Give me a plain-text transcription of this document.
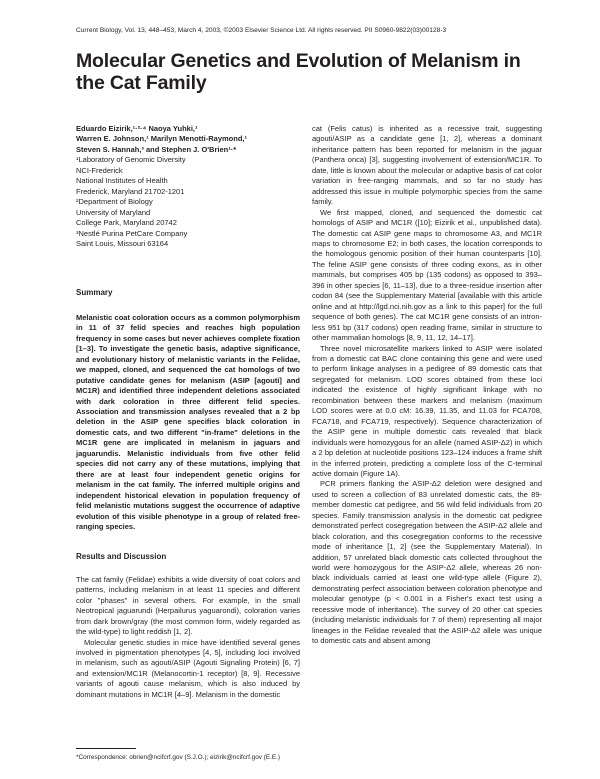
Current Biology, Vol. 13, 448–453, March 4, 2003, ©2003 Elsevier Science Ltd. All rights reserved. PII S0960-9822(03)00128-3
Molecular Genetics and Evolution of Melanism in the Cat Family
Eduardo Eizirik,¹·²·⁴ Naoya Yuhki,¹
Warren E. Johnson,¹ Marilyn Menotti-Raymond,¹
Steven S. Hannah,³ and Stephen J. O'Brien¹·*
¹Laboratory of Genomic Diversity
NCI-Frederick
National Institutes of Health
Frederick, Maryland 21702-1201
²Department of Biology
University of Maryland
College Park, Maryland 20742
³Nestlé Purina PetCare Company
Saint Louis, Missouri 63164
Summary

Melanistic coat coloration occurs as a common polymorphism in 11 of 37 felid species and reaches high population frequency in some cases but never achieves complete fixation [1–3]. To investigate the genetic basis, adaptive significance, and evolutionary history of melanistic variants in the Felidae, we mapped, cloned, and sequenced the cat homologs of two putative candidate genes for melanism (ASIP [agouti] and MC1R) and identified three independent deletions associated with dark coloration in three different felid species. Association and transmission analyses revealed that a 2 bp deletion in the ASIP gene specifies black coloration in domestic cats, and two different "in-frame" deletions in the MC1R gene are implicated in melanism in jaguars and jaguarundis. Melanistic individuals from five other felid species did not carry any of these mutations, implying that there are at least four independent genetic origins for melanism in the cat family. The inferred multiple origins and independent historical elevation in population frequency of felid melanistic mutations suggest the occurrence of adaptive evolution of this visible phenotype in a group of related free-ranging species.

Results and Discussion

The cat family (Felidae) exhibits a wide diversity of coat colors and patterns, including melanism in at least 11 species and different color "phases" in several others. For example, in the small Neotropical jaguarundi (Herpailurus yaguarondi), coloration varies from dark brown/gray (the most common form, widely regarded as the wild-type) to light reddish [1, 2].

Molecular genetic studies in mice have identified several genes involved in pigmentation phenotypes [4, 5], including loci involved in melanism, such as agouti/ASIP (Agouti Signaling Protein) [6, 7] and extension/MC1R (Melanocortin-1 receptor) [8, 9]. Recessive variants of agouti cause melanism, which is also induced by dominant mutations in MC1R [4–9]. Melanism in the domestic

cat (Felis catus) is inherited as a recessive trait, suggesting agouti/ASIP as a candidate gene [1, 2], whereas a dominant inheritance pattern has been reported for melanism in the jaguar (Panthera onca) [3], suggesting involvement of extension/MC1R. To date, little is known about the molecular or adaptive basis of cat color variation in free-ranging mammals, and so far no study has addressed this issue in multiple polymorphic species from the same family.

We first mapped, cloned, and sequenced the domestic cat homologs of ASIP and MC1R ([10]; Eizirik et al., unpublished data). The domestic cat ASIP gene maps to chromosome A3, and MC1R maps to chromosome E2; in both cases, the location corresponds to the homologous genomic position of their human counterparts [10]. The feline ASIP gene consists of three coding exons, as in other mammals, but comprises 405 bp (135 codons) as opposed to 393–396 in other species [6, 11–13], due to a three-residue insertion after codon 84 (see the Supplementary Material [available with this article online and at http://lgd.nci.nih.gov as a link to this paper] for the full sequence of both genes). The cat MC1R gene consists of an intron-less 951 bp (317 codons) open reading frame, similar in structure to other mammalian homologs [8, 9, 11, 12, 14–17].

Three novel microsatellite markers linked to ASIP were isolated from a domestic cat BAC clone containing this gene and were used to perform linkage analyses in a pedigree of 89 domestic cats that segregated for melanism. LOD scores obtained from these loci indicated the existence of highly significant linkage with no recombination between these markers and melanism (maximum LOD scores were at 0.0 cM: 16.39, 11.35, and 11.03 for FCA708, FCA718, and FCA719, respectively). Sequence characterization of the ASIP gene in multiple domestic cats revealed that black individuals were homozygous for an allele (named ASIP-Δ2) in which a 2 bp deletion at nucleotide positions 123–124 induces a frame shift in the inferred protein, predicting a complete loss of the C-terminal active domain (Figure 1A).

PCR primers flanking the ASIP-Δ2 deletion were designed and used to screen a collection of 83 unrelated domestic cats, the 89-member domestic cat pedigree, and 56 wild felid individuals from 20 species. Family transmission analysis in the domestic cat pedigree demonstrated perfect cosegregation between the ASIP-Δ2 allele and black coloration, and this cosegregation conforms to the recessive mode of inheritance [1, 2] (see the Supplementary Material). In addition, 57 unrelated black domestic cats collected throughout the world were homozygous for the ASIP-Δ2 allele, whereas 26 non-black individuals carried at least one wild-type allele (Figure 2), demonstrating perfect association between coloration phenotype and molecular genotype (p < 0.001 in a Fisher's exact test using a recessive mode of inheritance). The survey of 20 other cat species (including melanistic individuals for 7 of them) representing all major lineages in the Felidae revealed that the ASIP-Δ2 allele was unique to domestic cats and absent among

*Correspondence: obrien@ncifcrf.gov (S.J.O.); eizirik@ncifcrf.gov (E.E.)
